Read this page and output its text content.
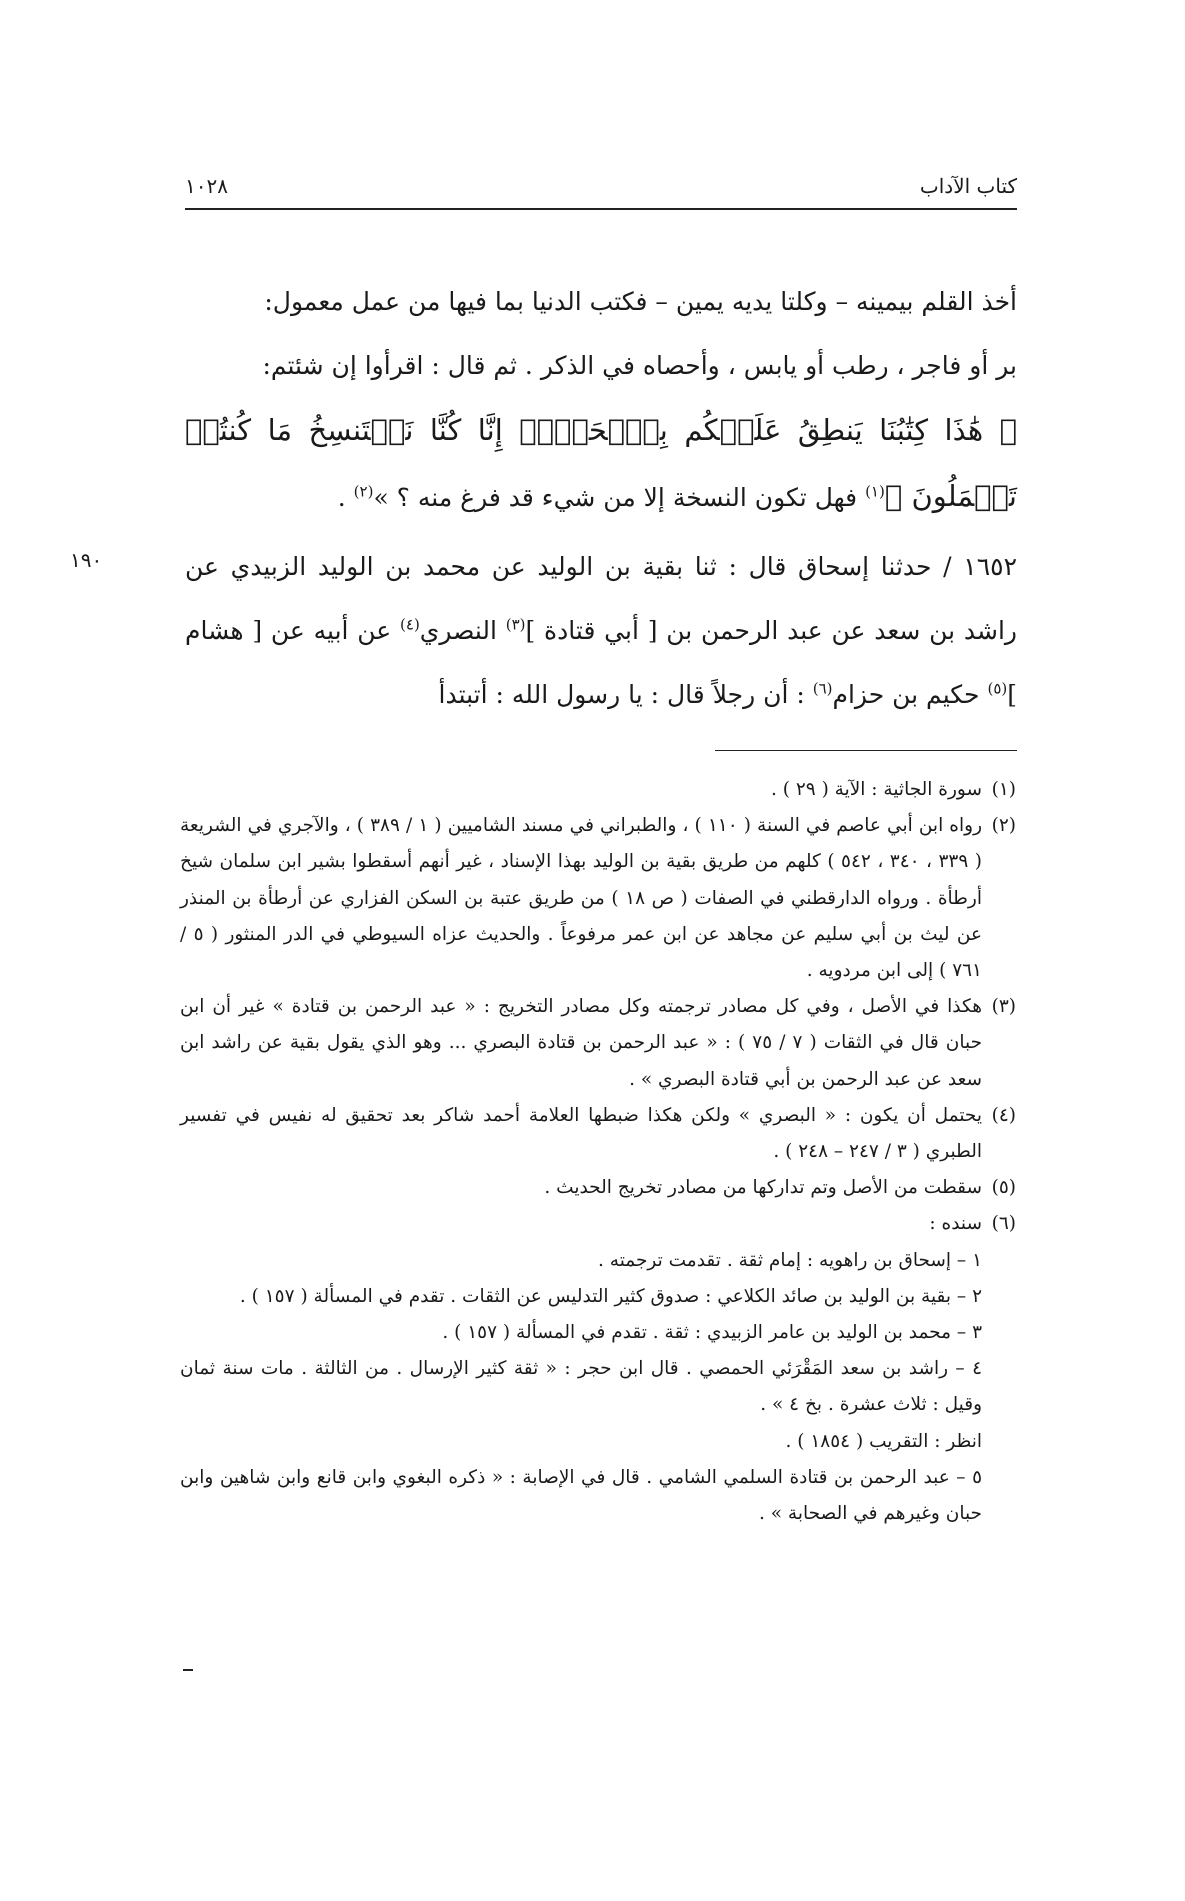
كتاب الآداب
١٠٢٨

أخذ القلم بيمينه – وكلتا يديه يمين – فكتب الدنيا بما فيها من عمل معمول:

بر أو فاجر ، رطب أو يابس ، وأحصاه في الذكر . ثم قال : اقرأوا إن شئتم:

﴿ هَٰذَا كِتَٰبُنَا يَنطِقُ عَلَيۡكُم بِٱلۡحَقِّۚ إِنَّا كُنَّا نَسۡتَنسِخُ مَا كُنتُمۡ تَعۡمَلُونَ ﴾$^{(١)}$ فهل تكون النسخة إلا من شيء قد فرغ منه ؟ »$^{(٢)}$ .

١٩٠	١٦٥٢ / حدثنا إسحاق قال : ثنا بقية بن الوليد عن محمد بن الوليد الزبيدي عن راشد بن سعد عن عبد الرحمن بن [ أبي قتادة ]$^{(٣)}$ النصري$^{(٤)}$ عن أبيه عن [ هشام ]$^{(٥)}$ حكيم بن حزام$^{(٦)}$ : أن رجلاً قال : يا رسول الله : أتبتدأ

(١)
سورة الجاثية : الآية ( ٢٩ ) .
(٢)
رواه ابن أبي عاصم في السنة ( ١١٠ ) ، والطبراني في مسند الشاميين ( ١ / ٣٨٩ ) ، والآجري في الشريعة ( ٣٣٩ ، ٣٤٠ ، ٥٤٢ ) كلهم من طريق بقية بن الوليد بهذا الإسناد ، غير أنهم أسقطوا بشير ابن سلمان شيخ أرطأة . ورواه الدارقطني في الصفات ( ص ١٨ ) من طريق عتبة بن السكن الفزاري عن أرطأة بن المنذر عن ليث بن أبي سليم عن مجاهد عن ابن عمر مرفوعاً . والحديث عزاه السيوطي في الدر المنثور ( ٥ / ٧٦١ ) إلى ابن مردويه .
(٣)
هكذا في الأصل ، وفي كل مصادر ترجمته وكل مصادر التخريج : « عبد الرحمن بن قتادة » غير أن ابن حبان قال في الثقات ( ٧ / ٧٥ ) : « عبد الرحمن بن قتادة البصري ... وهو الذي يقول بقية عن راشد ابن سعد عن عبد الرحمن بن أبي قتادة البصري » .
(٤)
يحتمل أن يكون : « البصري » ولكن هكذا ضبطها العلامة أحمد شاكر بعد تحقيق له نفيس في تفسير الطبري ( ٣ / ٢٤٧ – ٢٤٨ ) .
(٥)
سقطت من الأصل وتم تداركها من مصادر تخريج الحديث .
(٦)
سنده :
١ – إسحاق بن راهويه : إمام ثقة . تقدمت ترجمته .
٢ – بقية بن الوليد بن صائد الكلاعي : صدوق كثير التدليس عن الثقات . تقدم في المسألة ( ١٥٧ ) .
٣ – محمد بن الوليد بن عامر الزبيدي : ثقة . تقدم في المسألة ( ١٥٧ ) .
٤ – راشد بن سعد المَقْرَئي الحمصي . قال ابن حجر : « ثقة كثير الإرسال . من الثالثة . مات سنة ثمان وقيل : ثلاث عشرة . بخ ٤ » .
انظر : التقريب ( ١٨٥٤ ) .
٥ – عبد الرحمن بن قتادة السلمي الشامي . قال في الإصابة : « ذكره البغوي وابن قانع وابن شاهين وابن حبان وغيرهم في الصحابة » .
